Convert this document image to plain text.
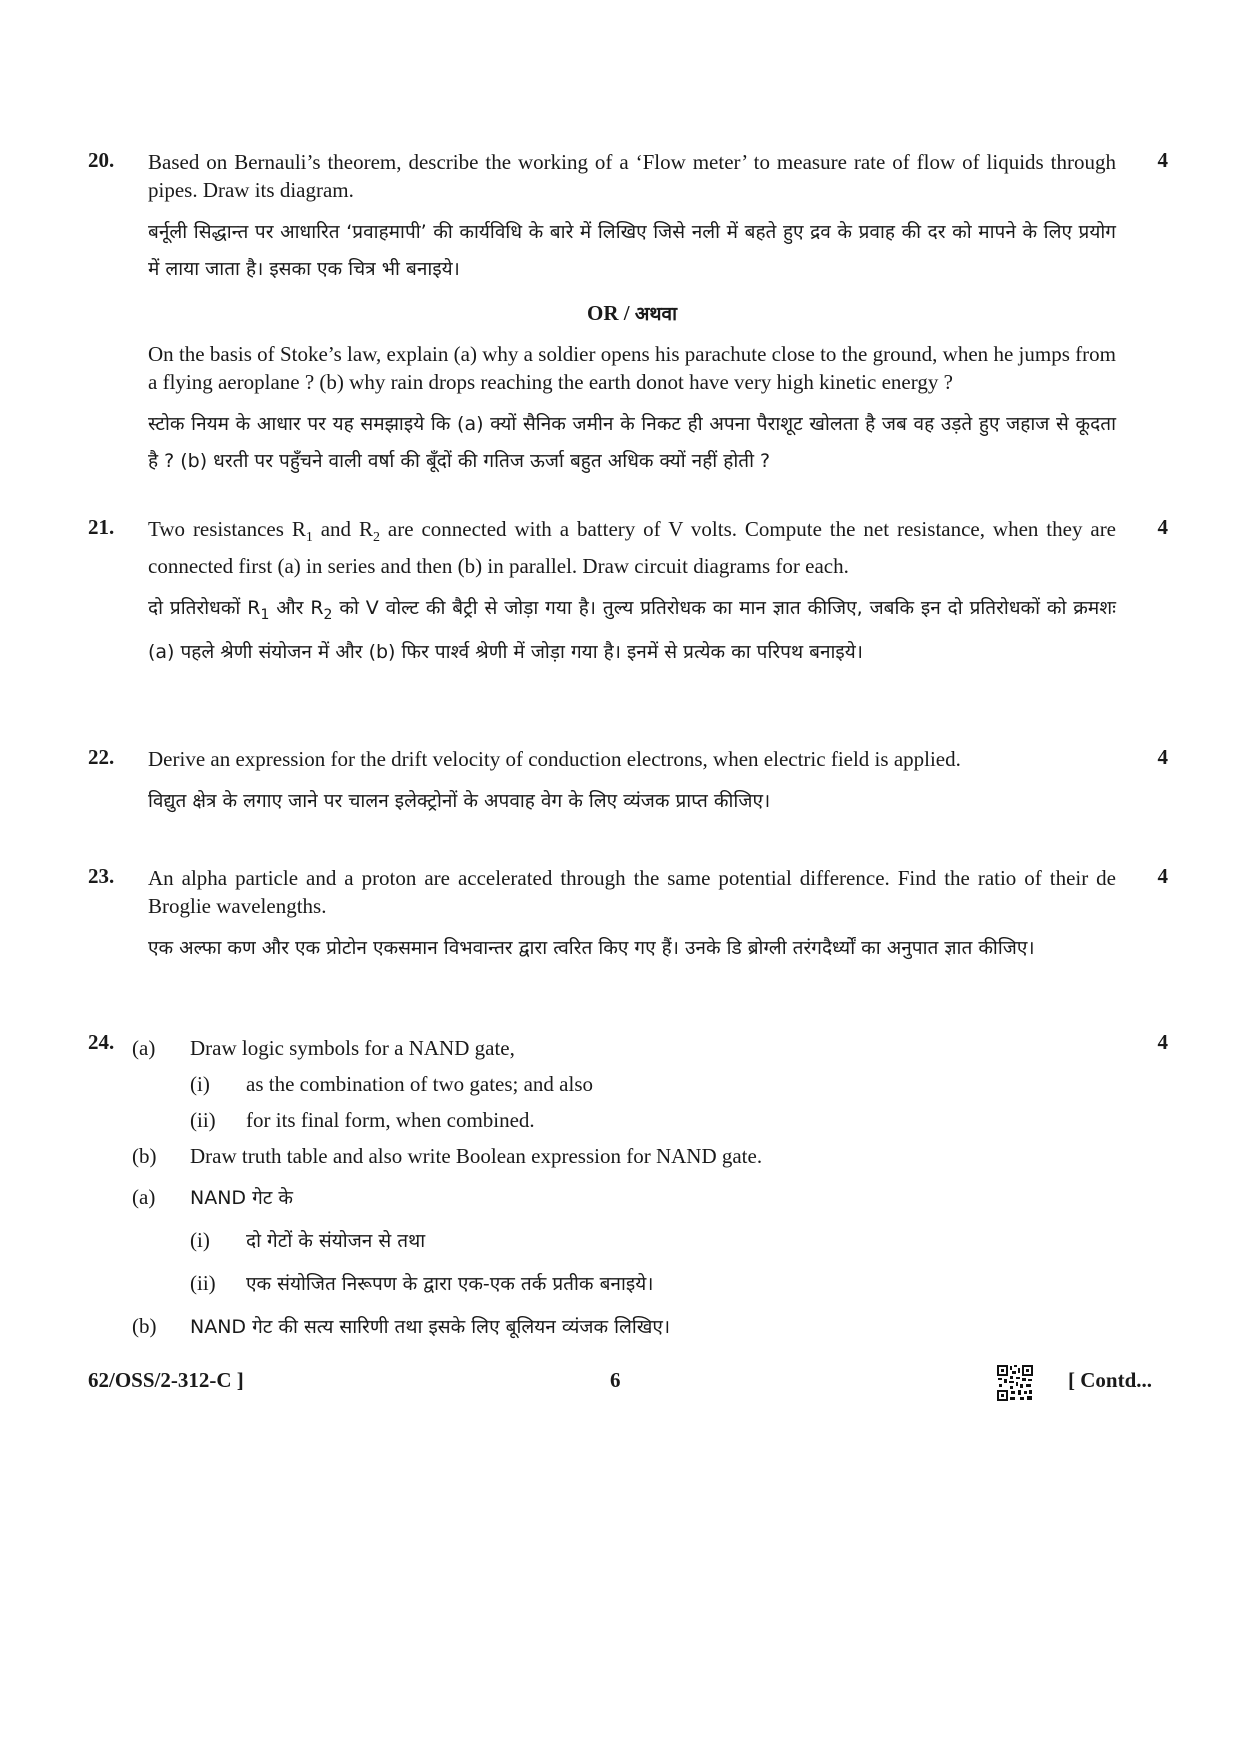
20.	4

Based on Bernauli’s theorem, describe the working of a ‘Flow meter’ to measure rate of flow of liquids through pipes. Draw its diagram.

बर्नूली सिद्धान्त पर आधारित ‘प्रवाहमापी’ की कार्यविधि के बारे में लिखिए जिसे नली में बहते हुए द्रव के प्रवाह की दर को मापने के लिए प्रयोग में लाया जाता है। इसका एक चित्र भी बनाइये।

OR / अथवा

On the basis of Stoke’s law, explain (a) why a soldier opens his parachute close to the ground, when he jumps from a flying aeroplane ? (b) why rain drops reaching the earth donot have very high kinetic energy ?

स्टोक नियम के आधार पर यह समझाइये कि (a) क्यों सैनिक जमीन के निकट ही अपना पैराशूट खोलता है जब वह उड़ते हुए जहाज से कूदता है ? (b) धरती पर पहुँचने वाली वर्षा की बूँदों की गतिज ऊर्जा बहुत अधिक क्यों नहीं होती ?

21.	4

Two resistances $R_1$ and $R_2$ are connected with a battery of V volts. Compute the net resistance, when they are connected first (a) in series and then (b) in parallel. Draw circuit diagrams for each.

दो प्रतिरोधकों $R_1$ और $R_2$ को V वोल्ट की बैट्री से जोड़ा गया है। तुल्य प्रतिरोधक का मान ज्ञात कीजिए, जबकि इन दो प्रतिरोधकों को क्रमशः (a) पहले श्रेणी संयोजन में और (b) फिर पार्श्व श्रेणी में जोड़ा गया है। इनमें से प्रत्येक का परिपथ बनाइये।

22.	4

Derive an expression for the drift velocity of conduction electrons, when electric field is applied.

विद्युत क्षेत्र के लगाए जाने पर चालन इलेक्ट्रोनों के अपवाह वेग के लिए व्यंजक प्राप्त कीजिए।

23.	4

An alpha particle and a proton are accelerated through the same potential difference. Find the ratio of their de Broglie wavelengths.

एक अल्फा कण और एक प्रोटोन एकसमान विभवान्तर द्वारा त्वरित किए गए हैं। उनके डि ब्रोग्ली तरंगदैर्ध्यों का अनुपात ज्ञात कीजिए।

24.	4
(a)	Draw logic symbols for a NAND gate,
(i)	as the combination of two gates; and also
(ii)	for its final form, when combined.
(b)	Draw truth table and also write Boolean expression for NAND gate.
(a)	NAND गेट के
(i)	दो गेटों के संयोजन से तथा
(ii)	एक संयोजित निरूपण के द्वारा एक-एक तर्क प्रतीक बनाइये।
(b)	NAND गेट की सत्य सारिणी तथा इसके लिए बूलियन व्यंजक लिखिए।
62/OSS/2-312-C ]	6	[ Contd...
